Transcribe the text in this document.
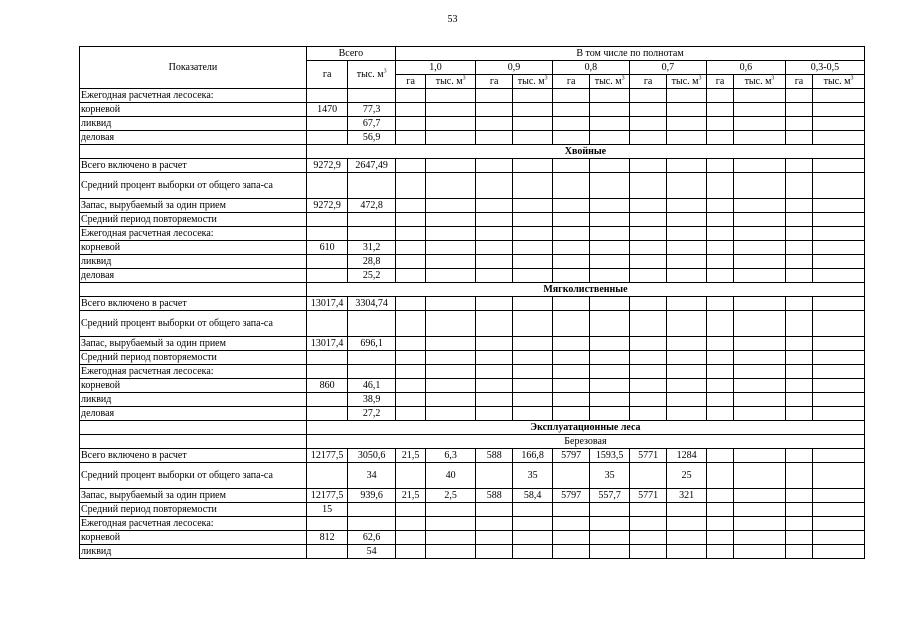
53
Показатели	Всего		В том числе по полнотам											
	га	тыс. $м^3$	1,0		0,9		0,8		0,7		0,6		0,3-0,5	
			га	тыс. $м^3$	га	тыс. $м^3$	га	тыс. $м^3$	га	тыс. $м^3$	га	тыс. $м^3$	га	тыс. $м^3$
Ежегодная расчетная лесосека:														
корневой	1470	77,3												
ликвид		67,7												
деловая		56,9												
	Хвойные													
Всего включено в расчет	9272,9	2647,49												
Средний процент выборки от общего запа-са														
Запас, вырубаемый за один прием	9272,9	472,8												
Средний период повторяемости														
Ежегодная расчетная лесосека:														
корневой	610	31,2												
ликвид		28,8												
деловая		25,2												
	Мягколиственные													
Всего включено в расчет	13017,4	3304,74												
Средний процент выборки от общего запа-са														
Запас, вырубаемый за один прием	13017,4	696,1												
Средний период повторяемости														
Ежегодная расчетная лесосека:														
корневой	860	46,1												
ликвид		38,9												
деловая		27,2												
	Эксплуатационные леса													
	Березовая													
Всего включено в расчет	12177,5	3050,6	21,5	6,3	588	166,8	5797	1593,5	5771	1284				
Средний процент выборки от общего запа-са		34		40		35		35		25				
Запас, вырубаемый за один прием	12177,5	939,6	21,5	2,5	588	58,4	5797	557,7	5771	321				
Средний период повторяемости	15													
Ежегодная расчетная лесосека:														
корневой	812	62,6												
ликвид		54												
